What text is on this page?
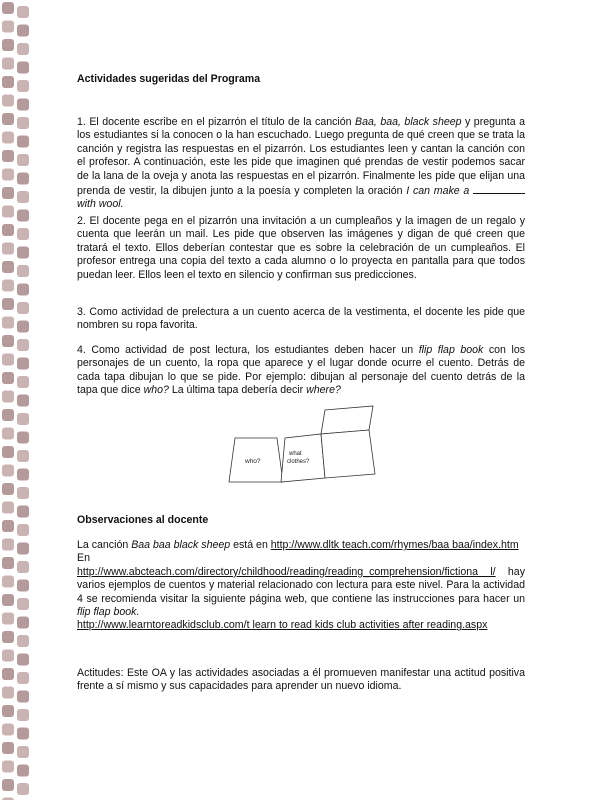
Actividades sugeridas del Programa

1. El docente escribe en el pizarrón el título de la canción Baa, baa, black sheep y pregunta a los estudiantes si la conocen o la han escuchado. Luego pregunta de qué creen que se trata la canción y registra las respuestas en el pizarrón. Los estudiantes leen y cantan la canción con el profesor. A continuación, este les pide que imaginen qué prendas de vestir podemos sacar de la lana de la oveja y anota las respuestas en el pizarrón. Finalmente les pide que elijan una prenda de vestir, la dibujen junto a la poesía y completen la oración I can make a with wool.

2. El docente pega en el pizarrón una invitación a un cumpleaños y la imagen de un regalo y cuenta que leerán un mail. Les pide que observen las imágenes y digan de qué creen que tratará el texto. Ellos deberían contestar que es sobre la celebración de un cumpleaños. El profesor entrega una copia del texto a cada alumno o lo proyecta en pantalla para que todos puedan leer. Ellos leen el texto en silencio y confirman sus predicciones.

3. Como actividad de prelectura a un cuento acerca de la vestimenta, el docente les pide que nombren su ropa favorita.

4. Como actividad de post lectura, los estudiantes deben hacer un flip flap book con los personajes de un cuento, la ropa que aparece y el lugar donde ocurre el cuento. Detrás de cada tapa dibujan lo que se pide. Por ejemplo: dibujan al personaje del cuento detrás de la tapa que dice who? La última tapa debería decir where?

who?
what
clothes?

Observaciones al docente

La canción Baa baa black sheep está en http://www.dltk teach.com/rhymes/baa baa/index.htm
En
http://www.abcteach.com/directory/childhood/reading/reading_comprehension/fictiona l/ hay varios ejemplos de cuentos y material relacionado con lectura para este nivel. Para la actividad 4 se recomienda visitar la siguiente página web, que contiene las instrucciones para hacer un flip flap book.
http://www.learntoreadkidsclub.com/t learn to read kids club activities after reading.aspx

Actitudes: Este OA y las actividades asociadas a él promueven manifestar una actitud positiva frente a sí mismo y sus capacidades para aprender un nuevo idioma.
